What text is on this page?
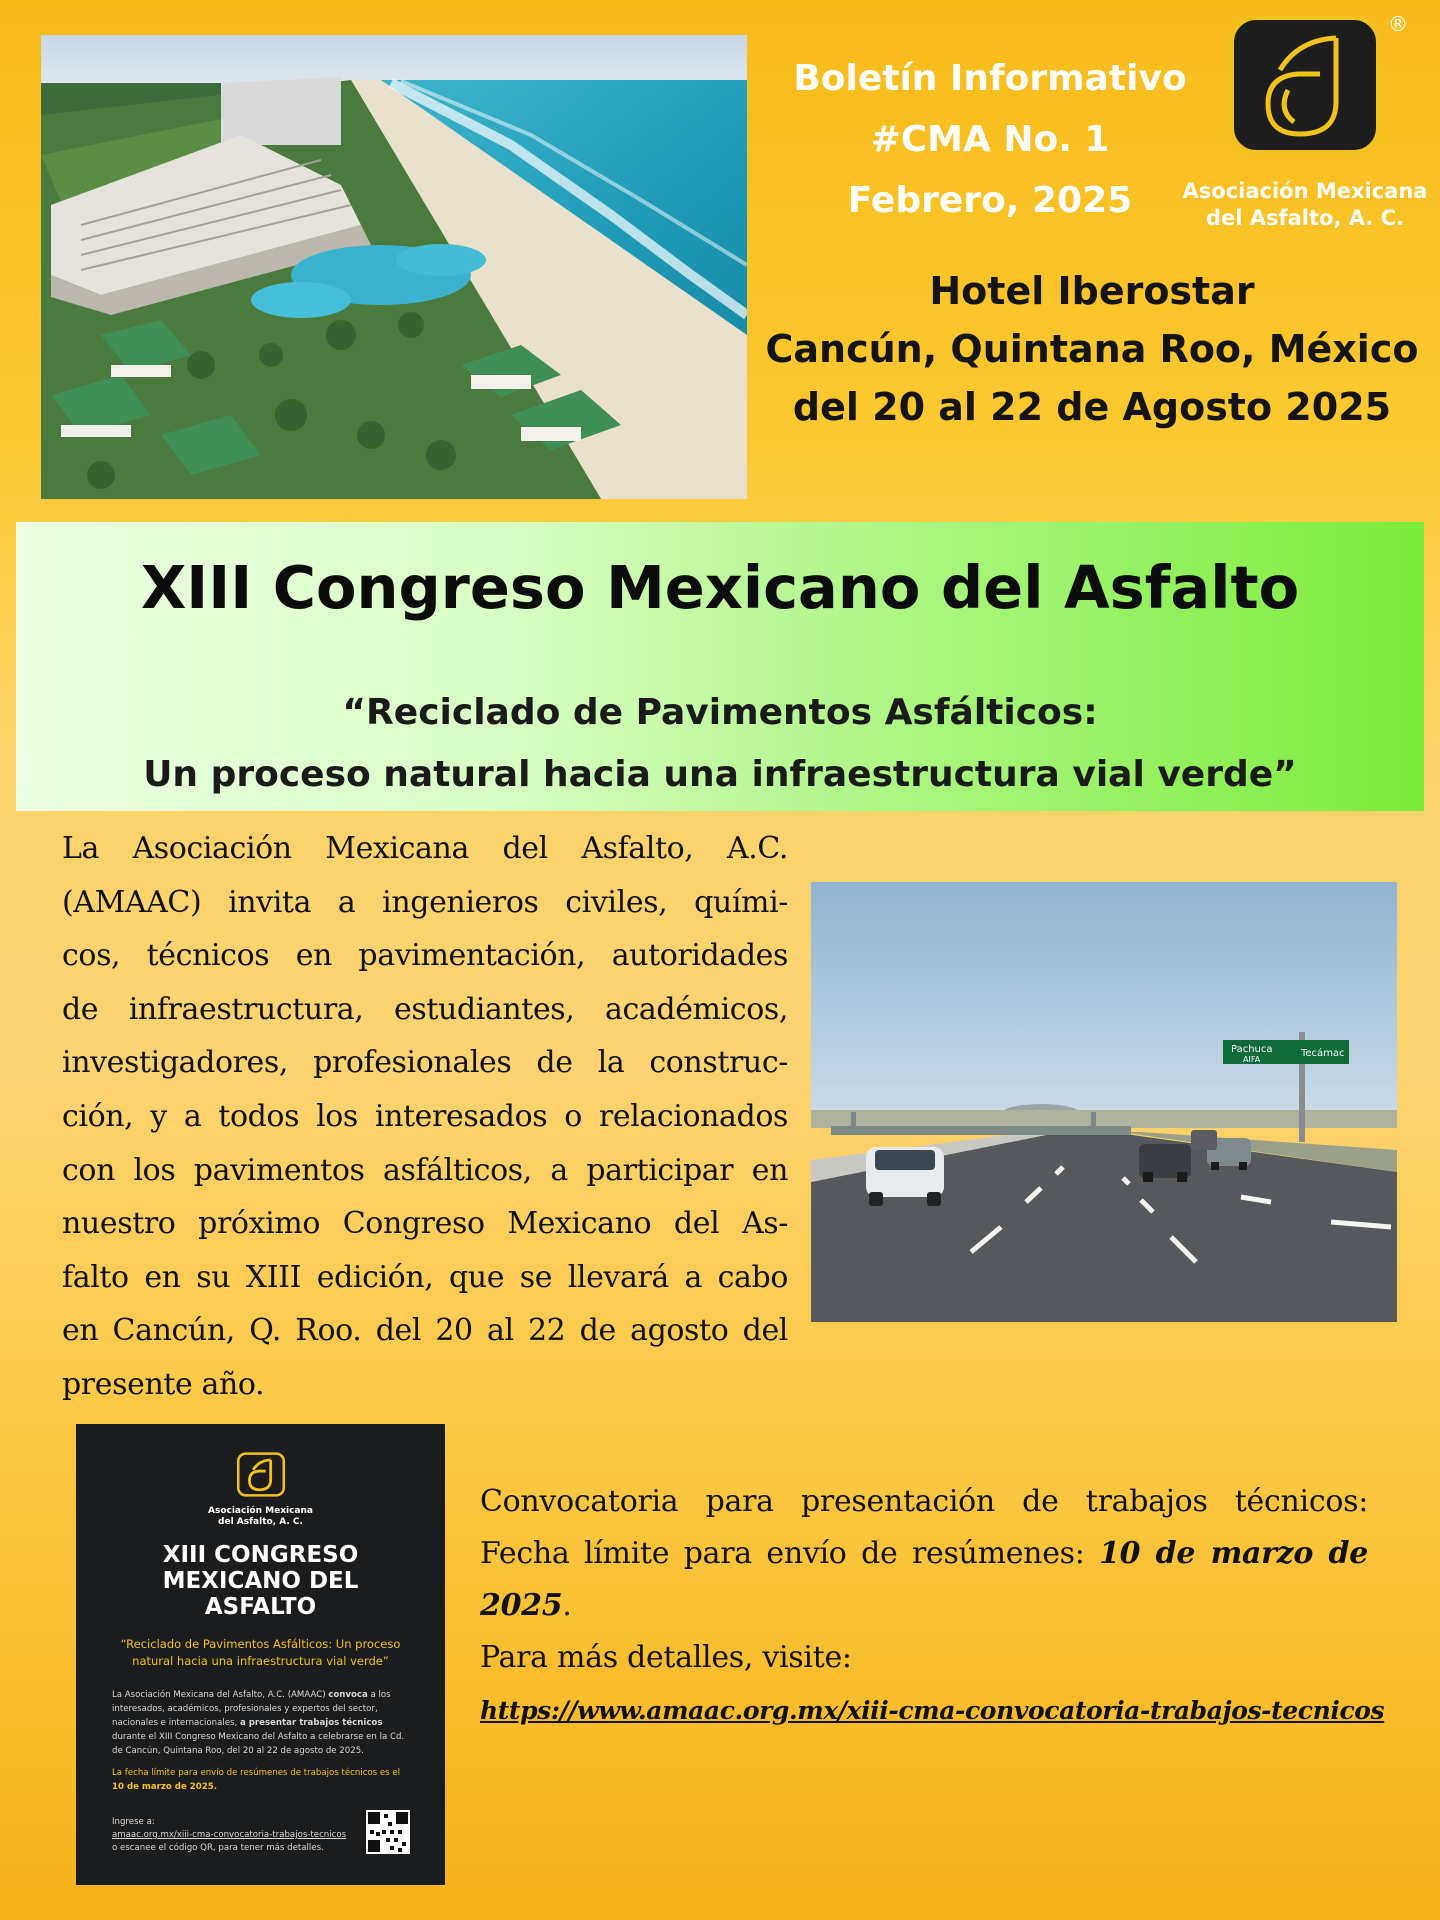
Boletín Informativo
#CMA No. 1
Febrero, 2025
®
Asociación Mexicana
del Asfalto, A. C.
Hotel Iberostar
Cancún, Quintana Roo, México
del 20 al 22 de Agosto 2025
XIII Congreso Mexicano del Asfalto
“Reciclado de Pavimentos Asfálticos:
Un proceso natural hacia una infraestructura vial verde”
La Asociación Mexicana del Asfalto, A.C.
(AMAAC) invita a ingenieros civiles, quími-
cos, técnicos en pavimentación, autoridades
de infraestructura, estudiantes, académicos,
investigadores, profesionales de la construc-
ción, y a todos los interesados o relacionados
con los pavimentos asfálticos, a participar en
nuestro próximo Congreso Mexicano del As-
falto en su XIII edición, que se llevará a cabo
en Cancún, Q. Roo. del 20 al 22 de agosto del
presente año.
Pachuca
AIFA
Tecámac
Asociación Mexicana
del Asfalto, A. C.
XIII CONGRESO
MEXICANO DEL
ASFALTO
“Reciclado de Pavimentos Asfálticos: Un proceso natural hacia una infraestructura vial verde”
La Asociación Mexicana del Asfalto, A.C. (AMAAC) convoca a los interesados, académicos, profesionales y expertos del sector, nacionales e internacionales, a presentar trabajos técnicos durante el XIII Congreso Mexicano del Asfalto a celebrarse en la Cd. de Cancún, Quintana Roo, del 20 al 22 de agosto de 2025.
La fecha límite para envío de resúmenes de trabajos técnicos es el 10 de marzo de 2025.
Ingrese a:
amaac.org.mx/xiii-cma-convocatoria-trabajos-tecnicos
o escanee el código QR, para tener más detalles.
Convocatoria para presentación de trabajos técnicos:
Fecha límite para envío de resúmenes: 10 de marzo de
2025.
Para más detalles, visite:
https://www.amaac.org.mx/xiii-cma-convocatoria-trabajos-tecnicos
